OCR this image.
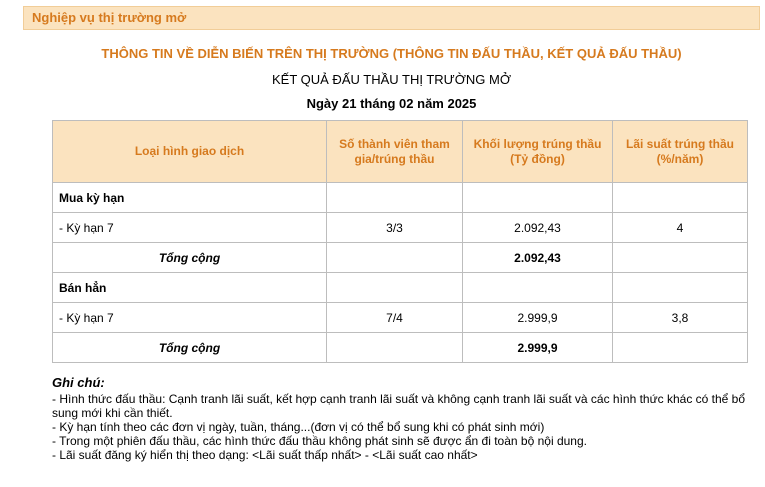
Nghiệp vụ thị trường mở
THÔNG TIN VỀ DIỄN BIẾN TRÊN THỊ TRƯỜNG (THÔNG TIN ĐẤU THẦU, KẾT QUẢ ĐẤU THẦU)
KẾT QUẢ ĐẤU THẦU THỊ TRƯỜNG MỞ
Ngày 21 tháng 02 năm 2025
Loại hình giao dịch	Số thành viên tham gia/trúng thầu	Khối lượng trúng thầu (Tỷ đồng)	Lãi suất trúng thầu (%/năm)
Mua kỳ hạn			
- Kỳ hạn 7	3/3	2.092,43	4
Tổng cộng		2.092,43	
Bán hẳn			
- Kỳ hạn 7	7/4	2.999,9	3,8
Tổng cộng		2.999,9	
Ghi chú:
- Hình thức đấu thầu: Cạnh tranh lãi suất, kết hợp cạnh tranh lãi suất và không cạnh tranh lãi suất và các hình thức khác có thể bổ sung mới khi cần thiết.
- Kỳ hạn tính theo các đơn vị ngày, tuần, tháng...(đơn vị có thể bổ sung khi có phát sinh mới)
- Trong một phiên đấu thầu, các hình thức đấu thầu không phát sinh sẽ được ẩn đi toàn bộ nội dung.
- Lãi suất đăng ký hiển thị theo dạng: <Lãi suất thấp nhất> - <Lãi suất cao nhất>
